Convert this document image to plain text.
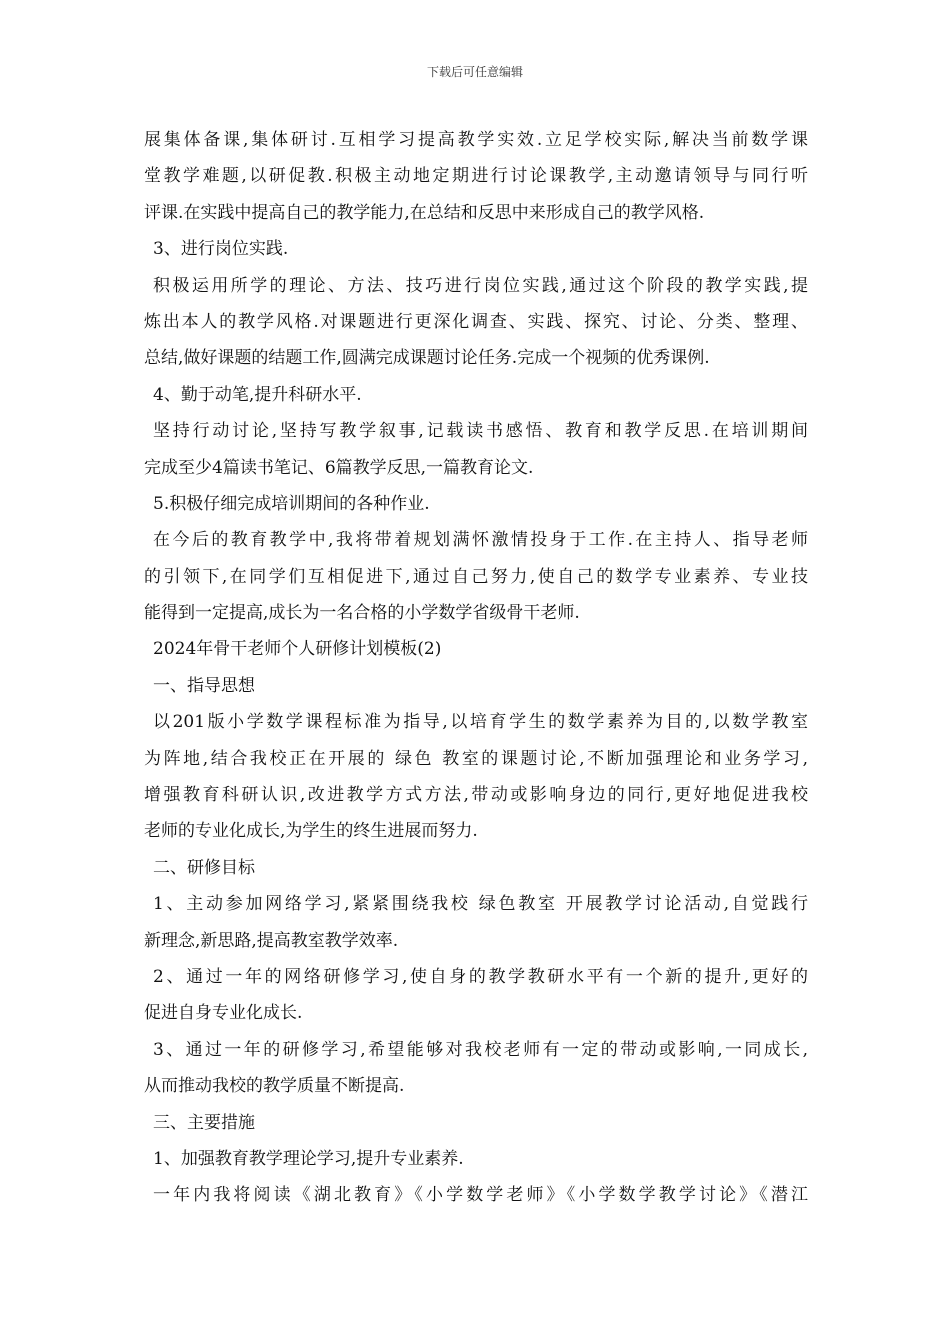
下载后可任意编辑
展集体备课,集体研讨.互相学习提高教学实效.立足学校实际,解决当前数学课
堂教学难题,以研促教.积极主动地定期进行讨论课教学,主动邀请领导与同行听
评课.在实践中提高自己的教学能力,在总结和反思中来形成自己的教学风格.
3、进行岗位实践.
积极运用所学的理论、方法、技巧进行岗位实践,通过这个阶段的教学实践,提
炼出本人的教学风格.对课题进行更深化调查、实践、探究、讨论、分类、整理、
总结,做好课题的结题工作,圆满完成课题讨论任务.完成一个视频的优秀课例.
4、勤于动笔,提升科研水平.
坚持行动讨论,坚持写教学叙事,记载读书感悟、教育和教学反思.在培训期间
完成至少4篇读书笔记、6篇教学反思,一篇教育论文.
5.积极仔细完成培训期间的各种作业.
在今后的教育教学中,我将带着规划满怀激情投身于工作.在主持人、指导老师
的引领下,在同学们互相促进下,通过自己努力,使自己的数学专业素养、专业技
能得到一定提高,成长为一名合格的小学数学省级骨干老师.
2024年骨干老师个人研修计划模板(2)
一、指导思想
以201版小学数学课程标准为指导,以培育学生的数学素养为目的,以数学教室
为阵地,结合我校正在开展的 绿色 教室的课题讨论,不断加强理论和业务学习,
增强教育科研认识,改进教学方式方法,带动或影响身边的同行,更好地促进我校
老师的专业化成长,为学生的终生进展而努力.
二、研修目标
1、主动参加网络学习,紧紧围绕我校 绿色教室 开展教学讨论活动,自觉践行
新理念,新思路,提高教室教学效率.
2、通过一年的网络研修学习,使自身的教学教研水平有一个新的提升,更好的
促进自身专业化成长.
3、通过一年的研修学习,希望能够对我校老师有一定的带动或影响,一同成长,
从而推动我校的教学质量不断提高.
三、主要措施
1、加强教育教学理论学习,提升专业素养.
一年内我将阅读《湖北教育》《小学数学老师》《小学数学教学讨论》《潜江
